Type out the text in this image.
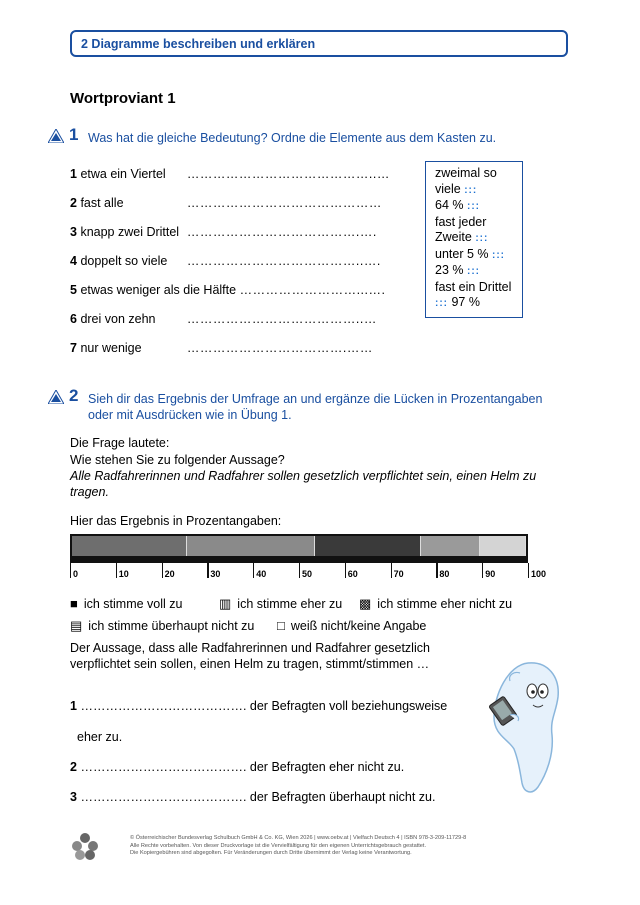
2 Diagramme beschreiben und erklären
Wortproviant 1
1 Was hat die gleiche Bedeutung? Ordne die Elemente aus dem Kasten zu.
1 etwa ein Viertel ……………………………………..…
2 fast alle	………………………………………
3 knapp zwei Drittel ………………………………….….
4 doppelt so viele …………………………………..….
5 etwas weniger als die Hälfte ………………………...….
6 drei von zehn	…………………………………..…
7 nur wenige	……………………………….……
zweimal so
viele :::
64 % :::
fast jeder
Zweite :::
unter 5 % :::
23 % :::
fast ein Drittel
::: 97 %
2 Sieh dir das Ergebnis der Umfrage an und ergänze die Lücken in Prozentangaben
oder mit Ausdrücken wie in Übung 1.
Die Frage lautete:
Wie stehen Sie zu folgender Aussage?
Alle Radfahrerinnen und Radfahrer sollen gesetzlich verpflichtet sein, einen Helm zu
tragen.
Hier das Ergebnis in Prozentangaben:
0	10	20	30	40	50	60	70	80	90	100
■ ich stimme voll zu	▥ ich stimme eher zu ▩ ich stimme eher nicht zu
▤ ich stimme überhaupt nicht zu □ weiß nicht/keine Angabe
Der Aussage, dass alle Radfahrerinnen und Radfahrer gesetzlich
verpflichtet sein sollen, einen Helm zu tragen, stimmt/stimmen …
1 …………………………………. der Befragten voll beziehungsweise
eher zu.
2 …………………………………. der Befragten eher nicht zu.
3 …………………………………. der Befragten überhaupt nicht zu.
© Österreichischer Bundesverlag Schulbuch GmbH & Co. KG, Wien 2026 | www.oebv.at | Vielfach Deutsch 4 | ISBN 978-3-209-11729-8
Alle Rechte vorbehalten. Von dieser Druckvorlage ist die Vervielfältigung für den eigenen Unterrichtsgebrauch gestattet.
Die Kopiergebühren sind abgegolten. Für Veränderungen durch Dritte übernimmt der Verlag keine Verantwortung.
